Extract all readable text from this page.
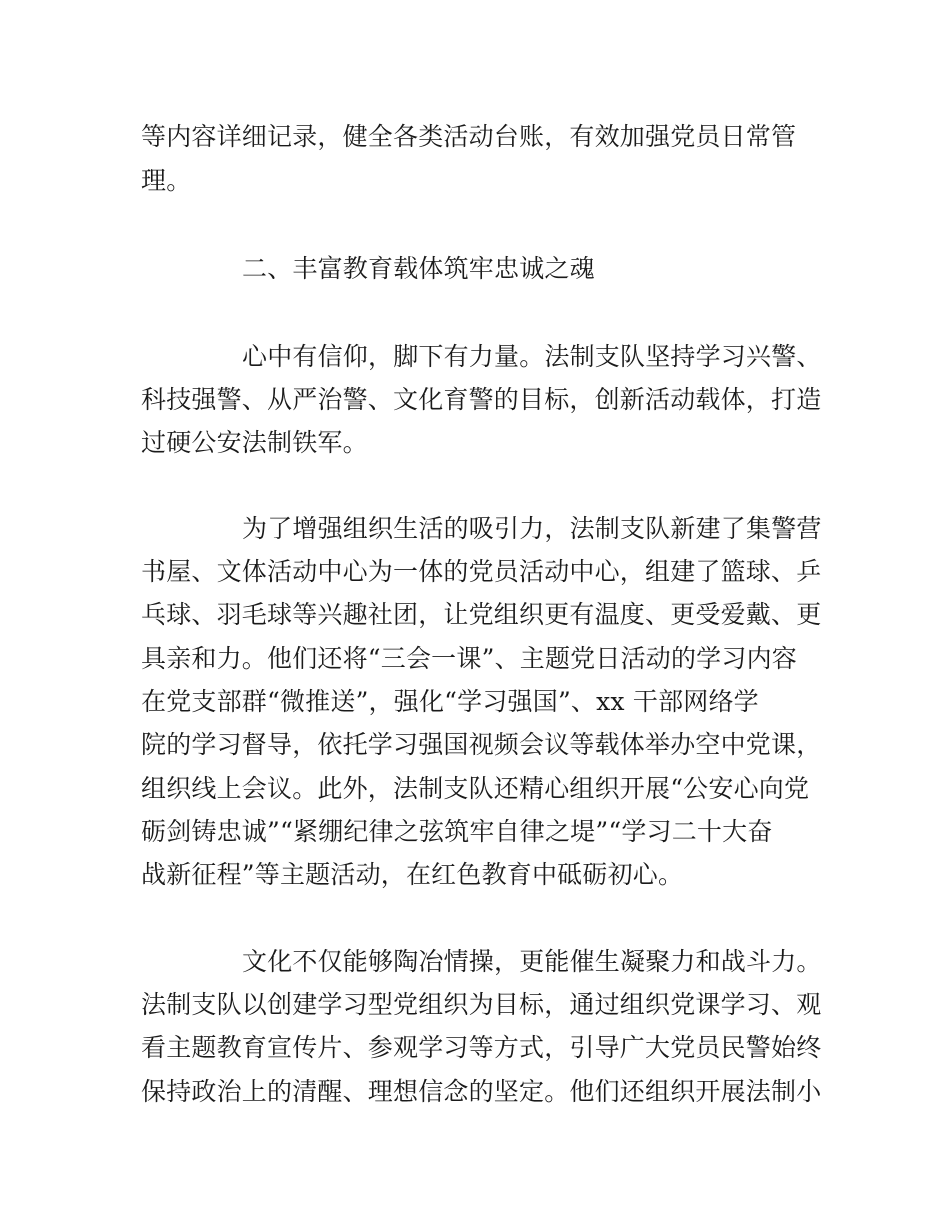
等内容详细记录，健全各类活动台账，有效加强党员日常管
理。
二、丰富教育载体筑牢忠诚之魂
心中有信仰，脚下有力量。法制支队坚持学习兴警、
科技强警、从严治警、文化育警的目标，创新活动载体，打造
过硬公安法制铁军。
为了增强组织生活的吸引力，法制支队新建了集警营
书屋、文体活动中心为一体的党员活动中心，组建了篮球、乒
乓球、羽毛球等兴趣社团，让党组织更有温度、更受爱戴、更
具亲和力。他们还将“三会一课”、主题党日活动的学习内容
在党支部群“微推送”，强化“学习强国”、xx 干部网络学
院的学习督导，依托学习强国视频会议等载体举办空中党课，
组织线上会议。此外，法制支队还精心组织开展“公安心向党
砺剑铸忠诚”“紧绷纪律之弦筑牢自律之堤”“学习二十大奋
战新征程”等主题活动，在红色教育中砥砺初心。
文化不仅能够陶冶情操，更能催生凝聚力和战斗力。
法制支队以创建学习型党组织为目标，通过组织党课学习、观
看主题教育宣传片、参观学习等方式，引导广大党员民警始终
保持政治上的清醒、理想信念的坚定。他们还组织开展法制小
